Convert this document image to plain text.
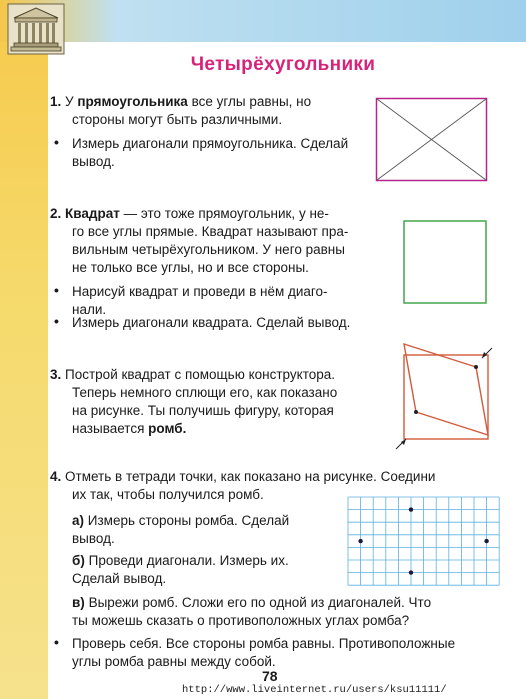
Четырёхугольники
1. У прямоугольника все углы равны, но
стороны могут быть различными.
• Измерь диагонали прямоугольника. Сделай
вывод.
2. Квадрат — это тоже прямоугольник, у не-
го все углы прямые. Квадрат называют пра-
вильным четырёхугольником. У него равны
не только все углы, но и все стороны.
• Нарисуй квадрат и проведи в нём диаго-
нали.
• Измерь диагонали квадрата. Сделай вывод.
3. Построй квадрат с помощью конструктора.
Теперь немного сплющи его, как показано
на рисунке. Ты получишь фигуру, которая
называется ромб.
4. Отметь в тетради точки, как показано на рисунке. Соедини
их так, чтобы получился ромб.
а) Измерь стороны ромба. Сделай
вывод.
б) Проведи диагонали. Измерь их.
Сделай вывод.
в) Вырежи ромб. Сложи его по одной из диагоналей. Что
ты можешь сказать о противоположных углах ромба?
• Проверь себя. Все стороны ромба равны. Противоположные
углы ромба равны между собой.
78
http://www.liveinternet.ru/users/ksu11111/
